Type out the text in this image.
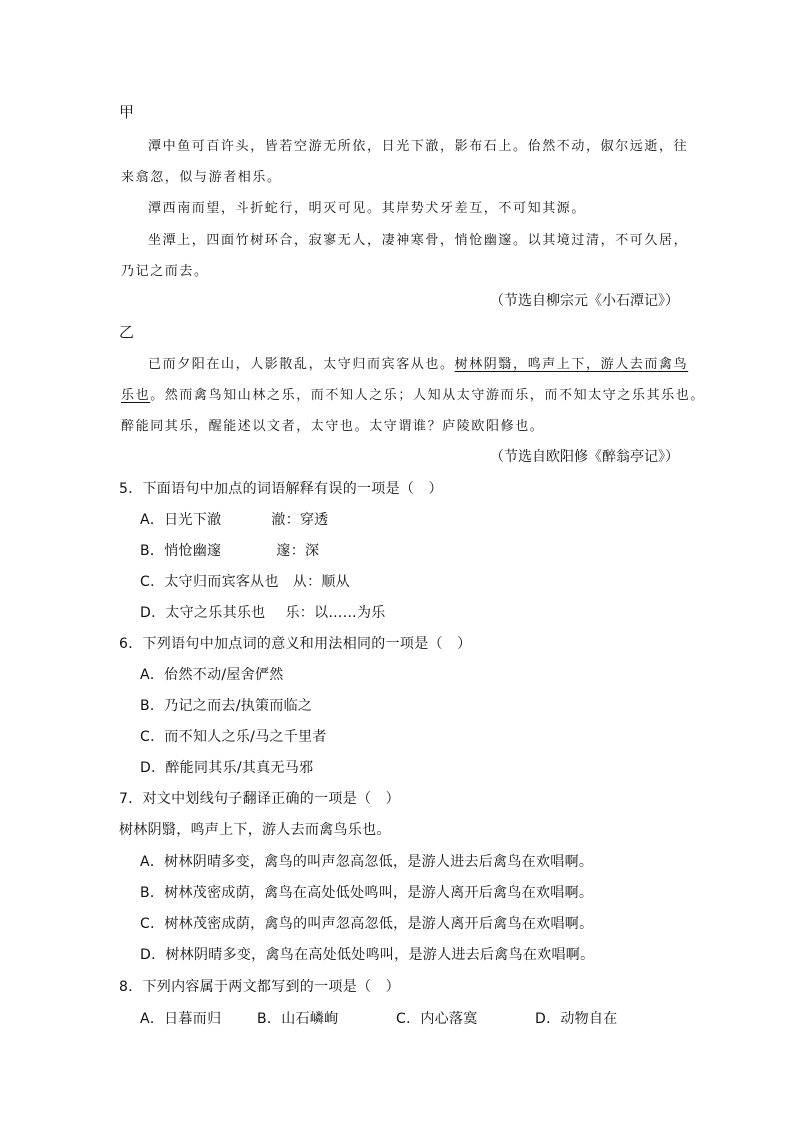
甲
潭中鱼可百许头，皆若空游无所依，日光下澈，影布石上。佁然不动，俶尔远逝，往
来翕忽，似与游者相乐。
潭西南而望，斗折蛇行，明灭可见。其岸势犬牙差互，不可知其源。
坐潭上，四面竹树环合，寂寥无人，凄神寒骨，悄怆幽邃。以其境过清，不可久居，
乃记之而去。
（节选自柳宗元《小石潭记》）
乙
已而夕阳在山，人影散乱，太守归而宾客从也。树林阴翳，鸣声上下，游人去而禽鸟
乐也。然而禽鸟知山林之乐，而不知人之乐；人知从太守游而乐，而不知太守之乐其乐也。
醉能同其乐，醒能述以文者，太守也。太守谓谁？庐陵欧阳修也。
（节选自欧阳修《醉翁亭记》）
5．下面语句中加点的词语解释有误的一项是（　）
A．日光下澈	澈：穿透
B．悄怆幽邃	邃：深
C．太守归而宾客从也 从：顺从
D．太守之乐其乐也 乐：以……为乐
6．下列语句中加点词的意义和用法相同的一项是（　）
A．佁然不动/屋舍俨然
B．乃记之而去/执策而临之
C．而不知人之乐/马之千里者
D．醉能同其乐/其真无马邪
7．对文中划线句子翻译正确的一项是（　）
树林阴翳，鸣声上下，游人去而禽鸟乐也。
A．树林阴晴多变，禽鸟的叫声忽高忽低，是游人进去后禽鸟在欢唱啊。
B．树林茂密成荫，禽鸟在高处低处鸣叫，是游人离开后禽鸟在欢唱啊。
C．树林茂密成荫，禽鸟的叫声忽高忽低，是游人离开后禽鸟在欢唱啊。
D．树林阴晴多变，禽鸟在高处低处鸣叫，是游人进去后禽鸟在欢唱啊。
8．下列内容属于两文都写到的一项是（　）
A．日暮而归	B．山石嶙峋	C．内心落寞	D．动物自在
